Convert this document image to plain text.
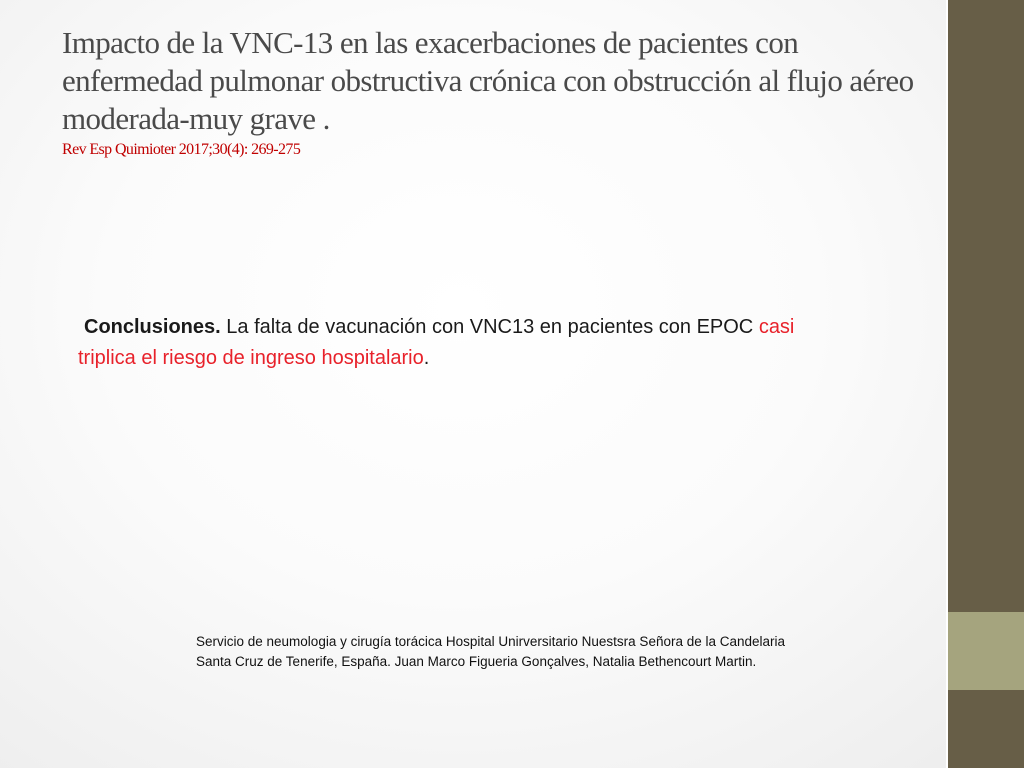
Impacto de la VNC-13 en las exacerbaciones de pacientes con enfermedad pulmonar obstructiva crónica con obstrucción al flujo aéreo moderada-muy grave .
Rev Esp Quimioter 2017;30(4): 269-275

Conclusiones. La falta de vacunación con VNC13 en pacientes con EPOC casi triplica el riesgo de ingreso hospitalario.

Servicio de neumologia y cirugía torácica Hospital Unirversitario Nuestsra Señora de la Candelaria
Santa Cruz de Tenerife, España. Juan Marco Figueria Gonçalves, Natalia Bethencourt Martin.
